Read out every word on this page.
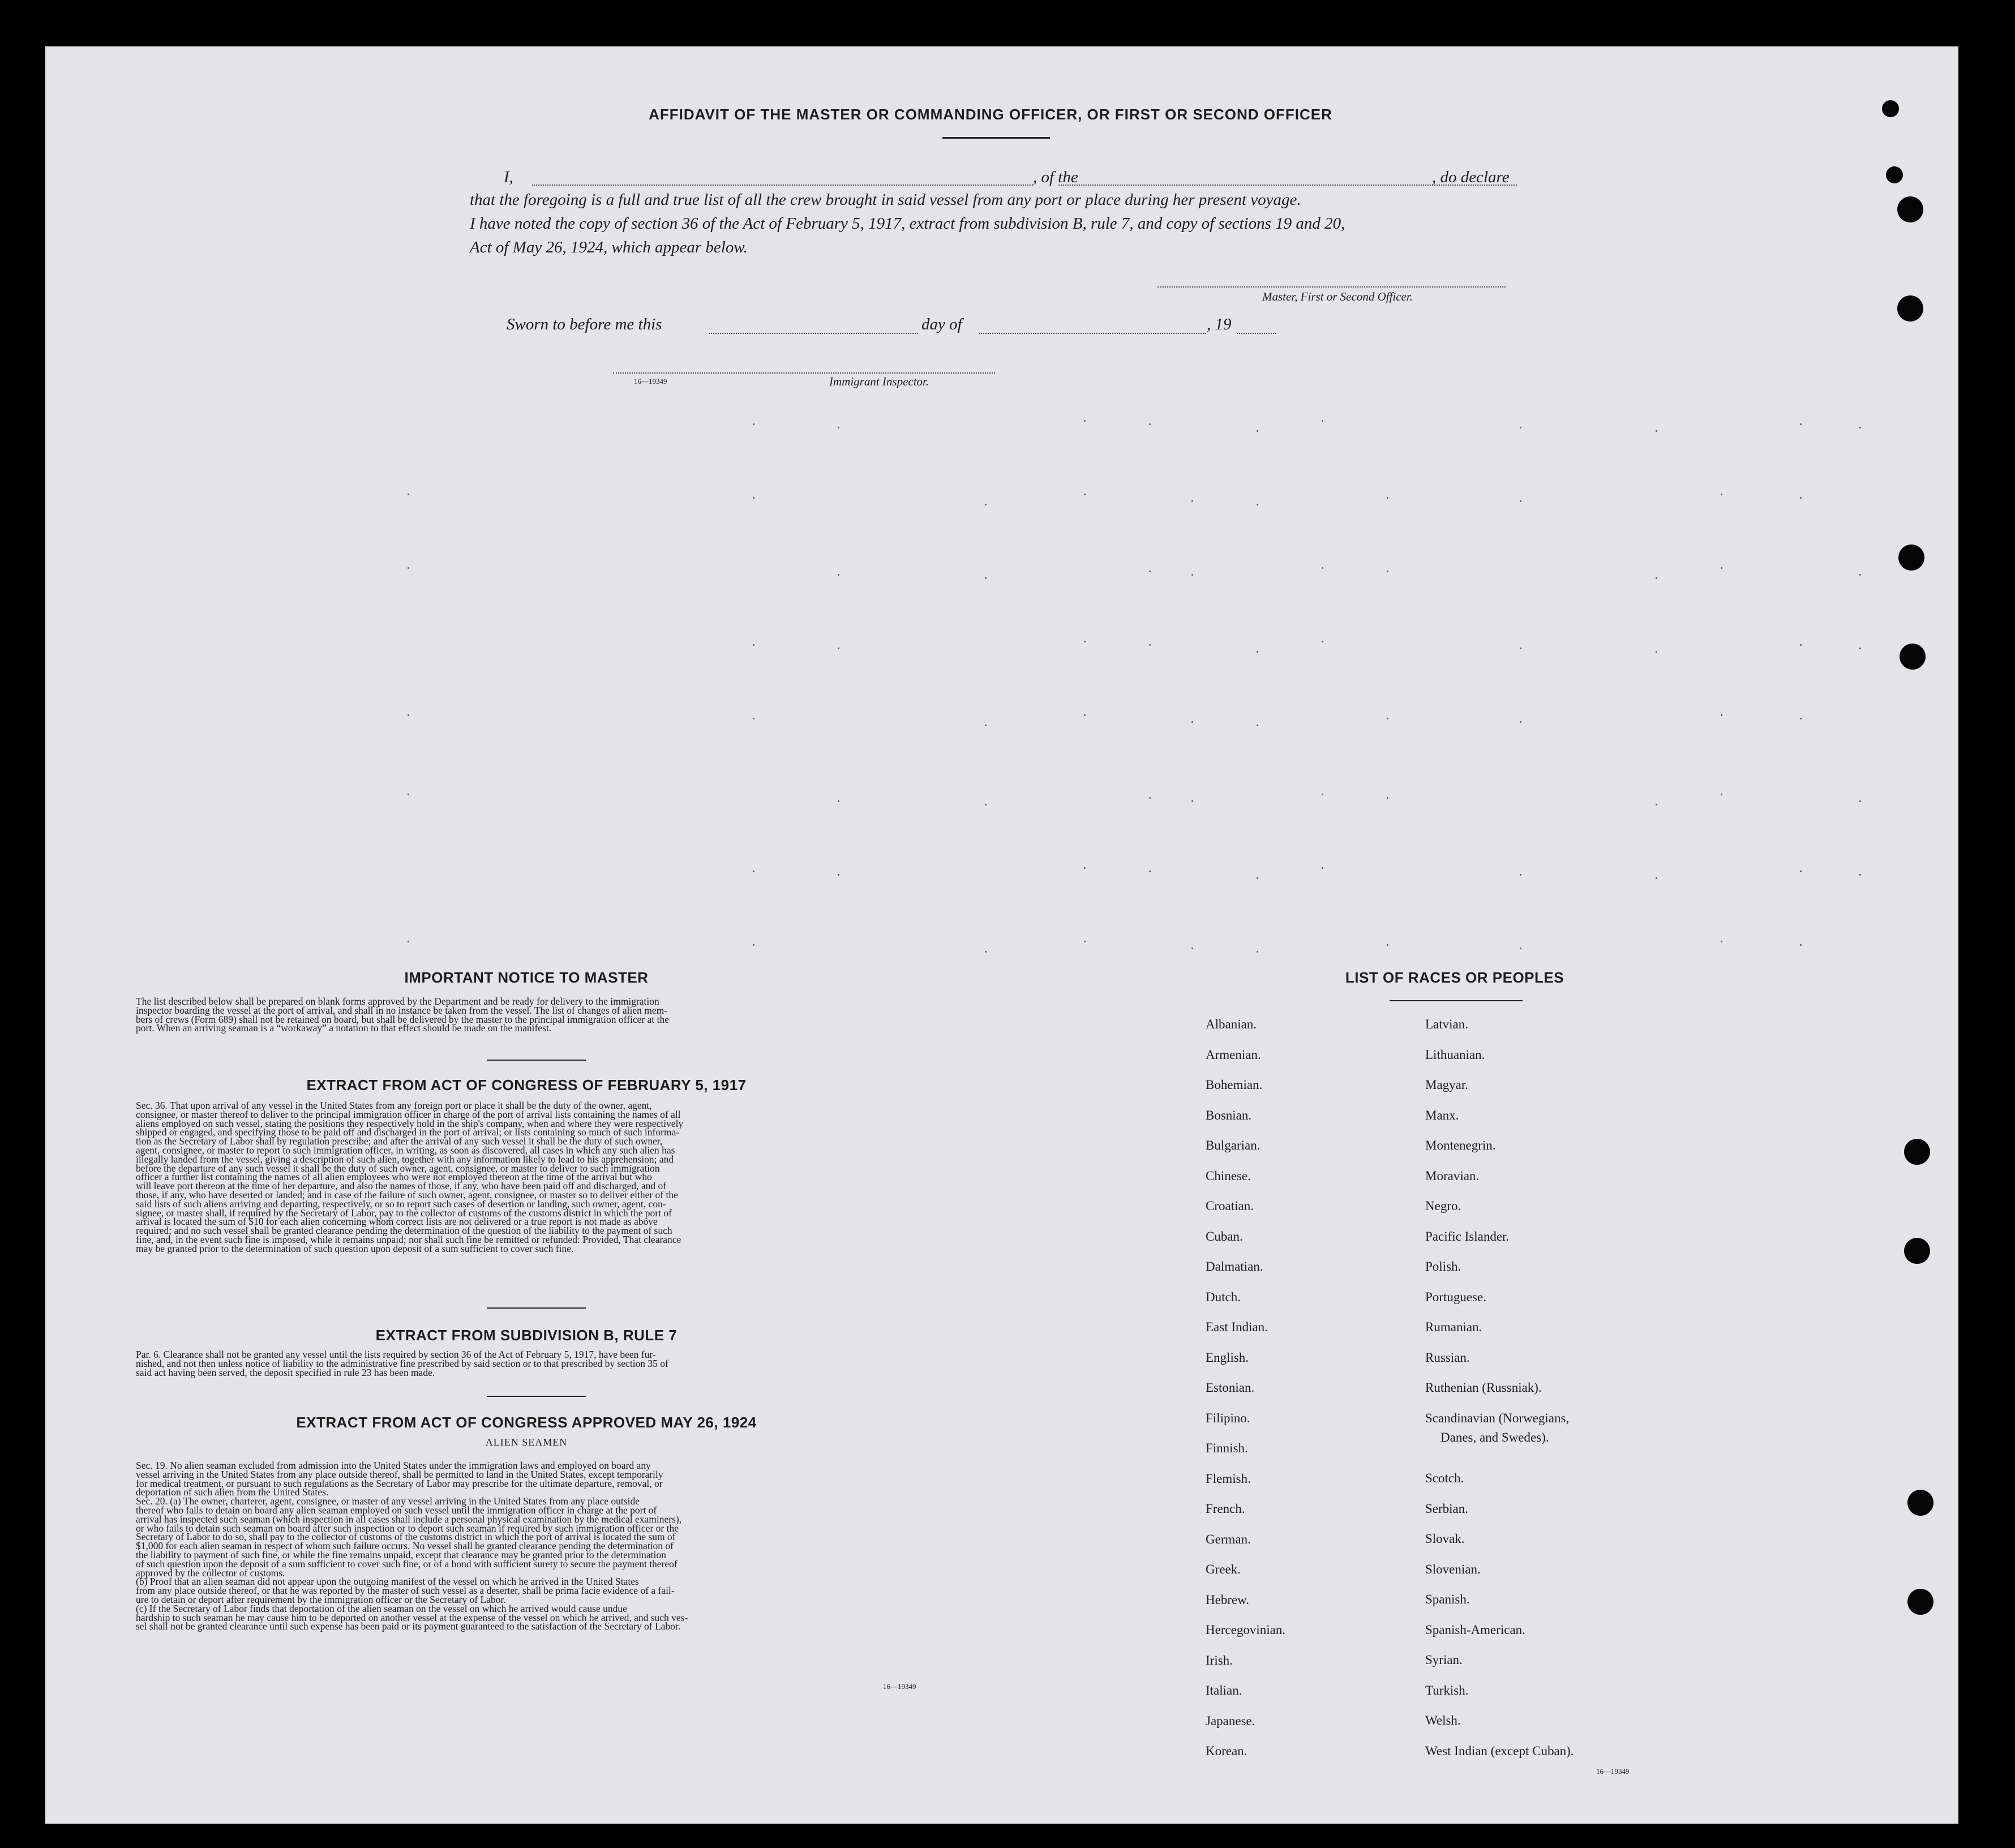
AFFIDAVIT OF THE MASTER OR COMMANDING OFFICER, OR FIRST OR SECOND OFFICER
I,	, of the	, do declare
that the foregoing is a full and true list of all the crew brought in said vessel from any port or place during her present voyage.
I have noted the copy of section 36 of the Act of February 5, 1917, extract from subdivision B, rule 7, and copy of sections 19 and 20,
Act of May 26, 1924, which appear below.
Master, First or Second Officer.
Sworn to before me this	day of	, 19
16—19349	Immigrant Inspector.
IMPORTANT NOTICE TO MASTER
The list described below shall be prepared on blank forms approved by the Department and be ready for delivery to the immigration
inspector boarding the vessel at the port of arrival, and shall in no instance be taken from the vessel. The list of changes of alien mem-
bers of crews (Form 689) shall not be retained on board, but shall be delivered by the master to the principal immigration officer at the
port. When an arriving seaman is a “workaway” a notation to that effect should be made on the manifest.
EXTRACT FROM ACT OF CONGRESS OF FEBRUARY 5, 1917
Sec. 36. That upon arrival of any vessel in the United States from any foreign port or place it shall be the duty of the owner, agent,
consignee, or master thereof to deliver to the principal immigration officer in charge of the port of arrival lists containing the names of all
aliens employed on such vessel, stating the positions they respectively hold in the ship's company, when and where they were respectively
shipped or engaged, and specifying those to be paid off and discharged in the port of arrival; or lists containing so much of such informa-
tion as the Secretary of Labor shall by regulation prescribe; and after the arrival of any such vessel it shall be the duty of such owner,
agent, consignee, or master to report to such immigration officer, in writing, as soon as discovered, all cases in which any such alien has
illegally landed from the vessel, giving a description of such alien, together with any information likely to lead to his apprehension; and
before the departure of any such vessel it shall be the duty of such owner, agent, consignee, or master to deliver to such immigration
officer a further list containing the names of all alien employees who were not employed thereon at the time of the arrival but who
will leave port thereon at the time of her departure, and also the names of those, if any, who have been paid off and discharged, and of
those, if any, who have deserted or landed; and in case of the failure of such owner, agent, consignee, or master so to deliver either of the
said lists of such aliens arriving and departing, respectively, or so to report such cases of desertion or landing, such owner, agent, con-
signee, or master shall, if required by the Secretary of Labor, pay to the collector of customs of the customs district in which the port of
arrival is located the sum of $10 for each alien concerning whom correct lists are not delivered or a true report is not made as above
required; and no such vessel shall be granted clearance pending the determination of the question of the liability to the payment of such
fine, and, in the event such fine is imposed, while it remains unpaid; nor shall such fine be remitted or refunded: Provided, That clearance
may be granted prior to the determination of such question upon deposit of a sum sufficient to cover such fine.
EXTRACT FROM SUBDIVISION B, RULE 7
Par. 6. Clearance shall not be granted any vessel until the lists required by section 36 of the Act of February 5, 1917, have been fur-
nished, and not then unless notice of liability to the administrative fine prescribed by said section or to that prescribed by section 35 of
said act having been served, the deposit specified in rule 23 has been made.
EXTRACT FROM ACT OF CONGRESS APPROVED MAY 26, 1924
ALIEN SEAMEN
Sec. 19. No alien seaman excluded from admission into the United States under the immigration laws and employed on board any
vessel arriving in the United States from any place outside thereof, shall be permitted to land in the United States, except temporarily
for medical treatment, or pursuant to such regulations as the Secretary of Labor may prescribe for the ultimate departure, removal, or
deportation of such alien from the United States.
Sec. 20. (a) The owner, charterer, agent, consignee, or master of any vessel arriving in the United States from any place outside
thereof who fails to detain on board any alien seaman employed on such vessel until the immigration officer in charge at the port of
arrival has inspected such seaman (which inspection in all cases shall include a personal physical examination by the medical examiners),
or who fails to detain such seaman on board after such inspection or to deport such seaman if required by such immigration officer or the
Secretary of Labor to do so, shall pay to the collector of customs of the customs district in which the port of arrival is located the sum of
$1,000 for each alien seaman in respect of whom such failure occurs. No vessel shall be granted clearance pending the determination of
the liability to payment of such fine, or while the fine remains unpaid, except that clearance may be granted prior to the determination
of such question upon the deposit of a sum sufficient to cover such fine, or of a bond with sufficient surety to secure the payment thereof
approved by the collector of customs.
(b) Proof that an alien seaman did not appear upon the outgoing manifest of the vessel on which he arrived in the United States
from any place outside thereof, or that he was reported by the master of such vessel as a deserter, shall be prima facie evidence of a fail-
ure to detain or deport after requirement by the immigration officer or the Secretary of Labor.
(c) If the Secretary of Labor finds that deportation of the alien seaman on the vessel on which he arrived would cause undue
hardship to such seaman he may cause him to be deported on another vessel at the expense of the vessel on which he arrived, and such ves-
sel shall not be granted clearance until such expense has been paid or its payment guaranteed to the satisfaction of the Secretary of Labor.
16—19349
LIST OF RACES OR PEOPLES
Albanian.
Armenian.
Bohemian.
Bosnian.
Bulgarian.
Chinese.
Croatian.
Cuban.
Dalmatian.
Dutch.
East Indian.
English.
Estonian.
Filipino.
Finnish.
Flemish.
French.
German.
Greek.
Hebrew.
Hercegovinian.
Irish.
Italian.
Japanese.
Korean.
Latvian.
Lithuanian.
Magyar.
Manx.
Montenegrin.
Moravian.
Negro.
Pacific Islander.
Polish.
Portuguese.
Rumanian.
Russian.
Ruthenian (Russniak).
Scandinavian (Norwegians,
Danes, and Swedes).
Scotch.
Serbian.
Slovak.
Slovenian.
Spanish.
Spanish-American.
Syrian.
Turkish.
Welsh.
West Indian (except Cuban).
16—19349
